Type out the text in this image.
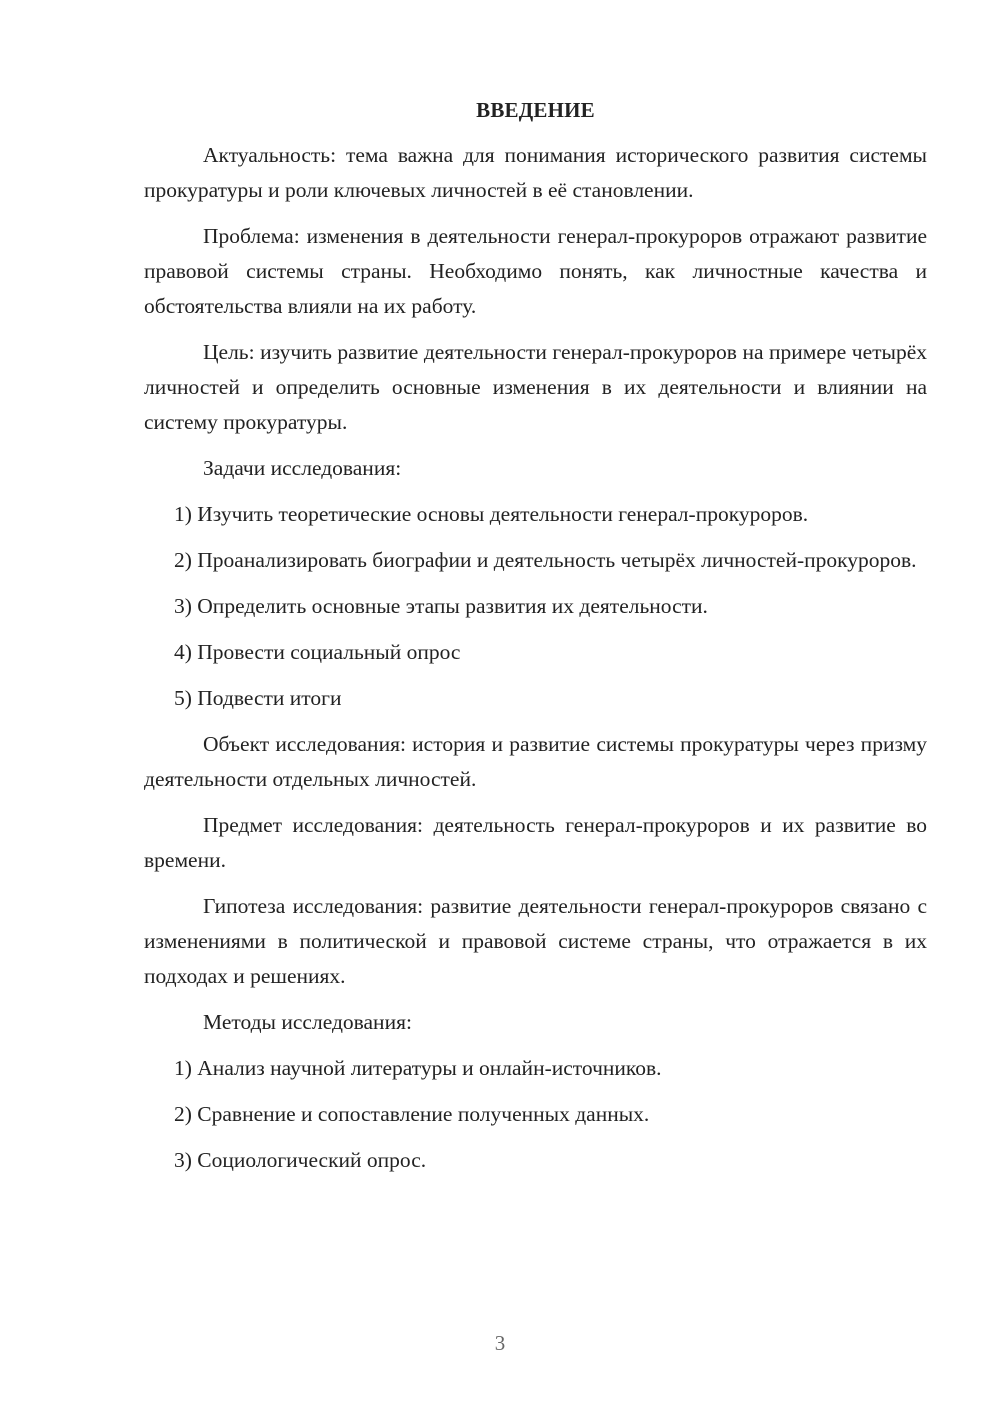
ВВЕДЕНИЕ

Актуальность: тема важна для понимания исторического развития системы прокуратуры и роли ключевых личностей в её становлении.

Проблема: изменения в деятельности генерал-прокуроров отражают развитие правовой системы страны. Необходимо понять, как личностные качества и обстоятельства влияли на их работу.

Цель: изучить развитие деятельности генерал-прокуроров на примере четырёх личностей и определить основные изменения в их деятельности и влиянии на систему прокуратуры.

Задачи исследования:

1) Изучить теоретические основы деятельности генерал-прокуроров.

2) Проанализировать биографии и деятельность четырёх личностей-прокуроров.

3) Определить основные этапы развития их деятельности.

4) Провести социальный опрос

5) Подвести итоги

Объект исследования: история и развитие системы прокуратуры через призму деятельности отдельных личностей.

Предмет исследования: деятельность генерал-прокуроров и их развитие во времени.

Гипотеза исследования: развитие деятельности генерал-прокуроров связано с изменениями в политической и правовой системе страны, что отражается в их подходах и решениях.

Методы исследования:

1) Анализ научной литературы и онлайн-источников.

2) Сравнение и сопоставление полученных данных.

3) Социологический опрос.

3
